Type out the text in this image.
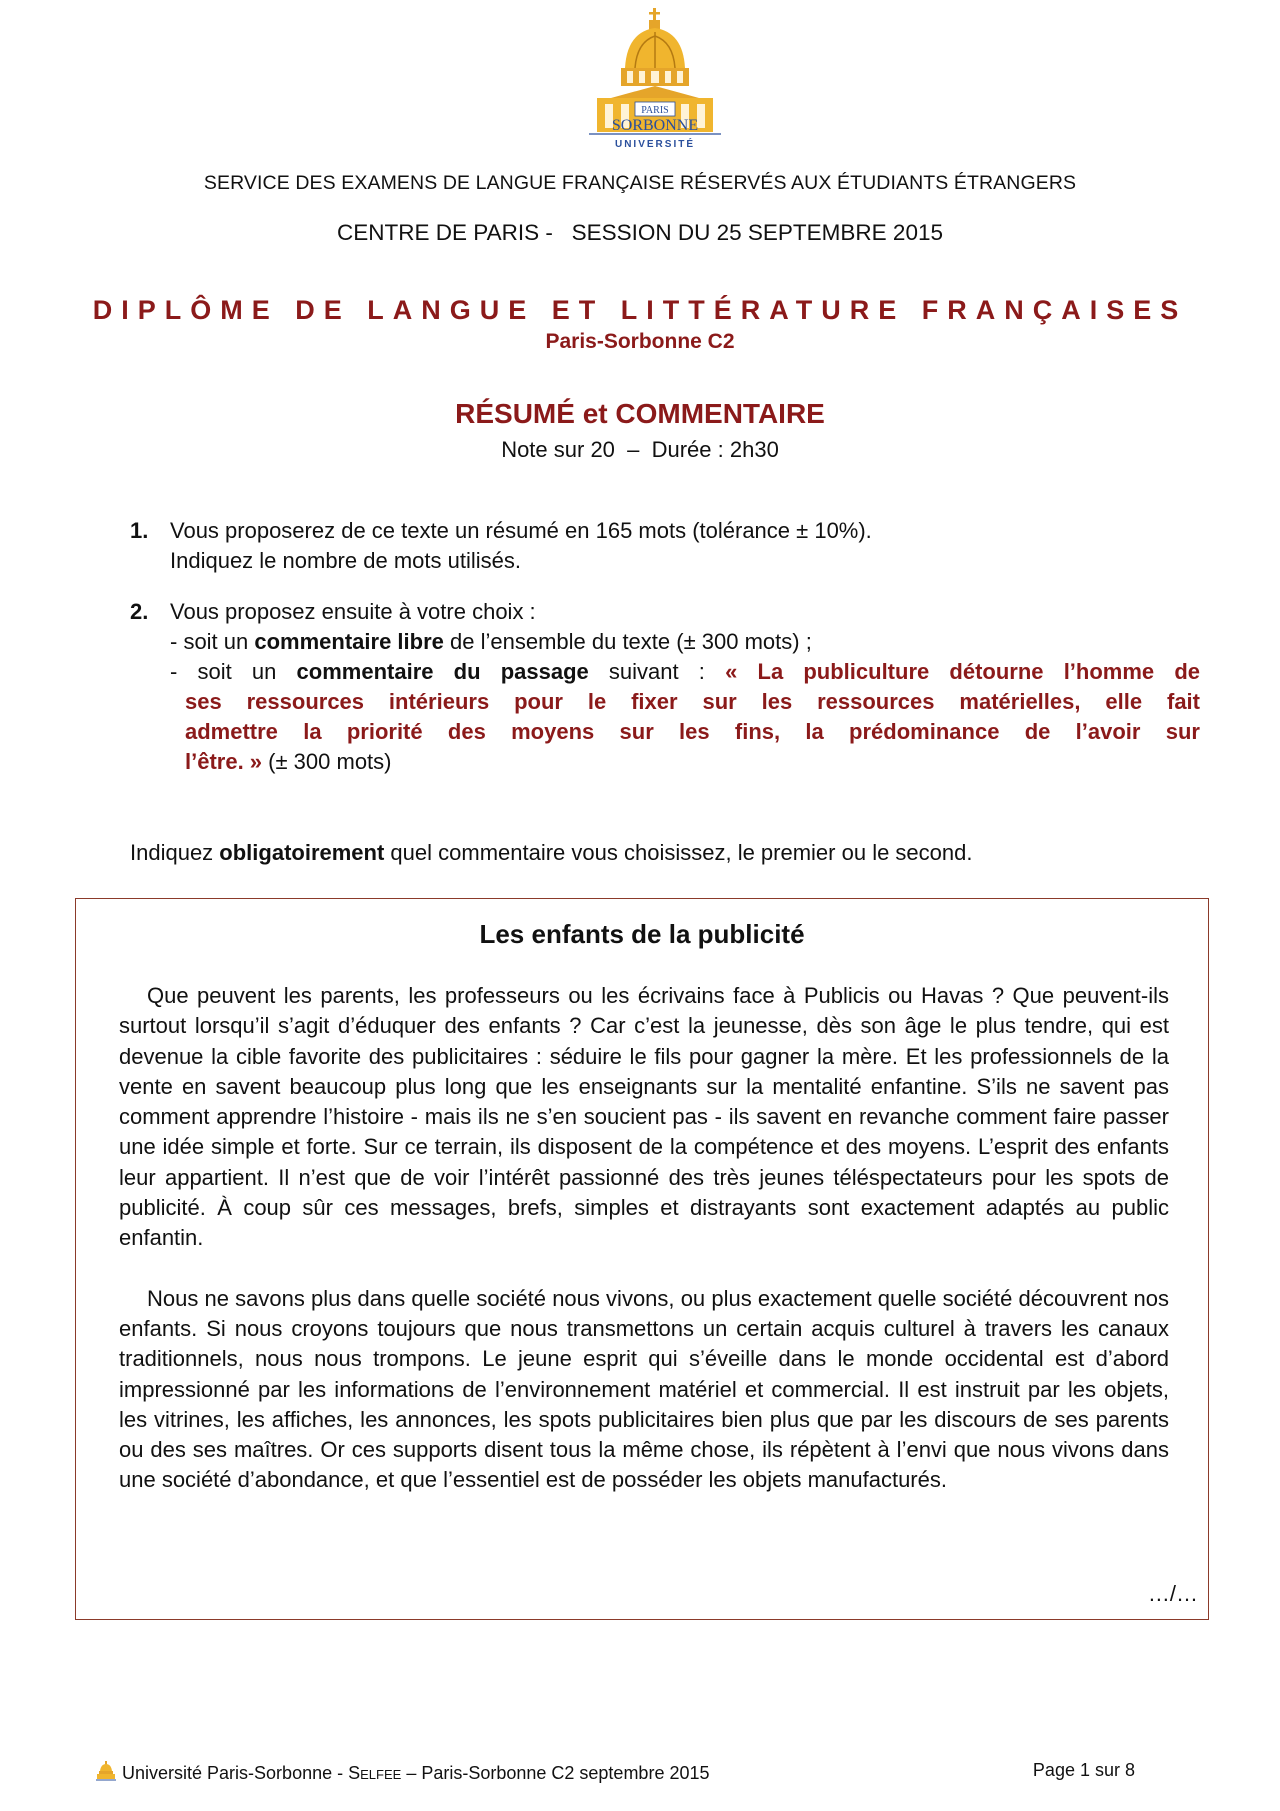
PARIS
SORBONNE
UNIVERSITÉ
SERVICE DES EXAMENS DE LANGUE FRANÇAISE RÉSERVÉS AUX ÉTUDIANTS ÉTRANGERS
CENTRE DE PARIS -   SESSION DU 25 SEPTEMBRE 2015
DIPLÔME DE LANGUE ET LITTÉRATURE FRANÇAISES
Paris-Sorbonne C2
RÉSUMÉ et COMMENTAIRE
Note sur 20  –  Durée : 2h30
1. Vous proposerez de ce texte un résumé en 165 mots (tolérance ± 10%).
Indiquez le nombre de mots utilisés.
2. Vous proposez ensuite à votre choix :
- soit un commentaire libre de l’ensemble du texte (± 300 mots) ;
- soit un commentaire du passage suivant : « La publiculture détourne l’homme de
ses ressources intérieurs pour le fixer sur les ressources matérielles, elle fait
admettre la priorité des moyens sur les fins, la prédominance de l’avoir sur
l’être. » (± 300 mots)
Indiquez obligatoirement quel commentaire vous choisissez, le premier ou le second.
Les enfants de la publicité

Que peuvent les parents, les professeurs ou les écrivains face à Publicis ou Havas ? Que peuvent-ils surtout lorsqu’il s’agit d’éduquer des enfants ? Car c’est la jeunesse, dès son âge le plus tendre, qui est devenue la cible favorite des publicitaires : séduire le fils pour gagner la mère. Et les professionnels de la vente en savent beaucoup plus long que les enseignants sur la mentalité enfantine. S’ils ne savent pas comment apprendre l’histoire - mais ils ne s’en soucient pas - ils savent en revanche comment faire passer une idée simple et forte. Sur ce terrain, ils disposent de la compétence et des moyens. L’esprit des enfants leur appartient. Il n’est que de voir l’intérêt passionné des très jeunes téléspectateurs pour les spots de publicité. À coup sûr ces messages, brefs, simples et distrayants sont exactement adaptés au public enfantin.

Nous ne savons plus dans quelle société nous vivons, ou plus exactement quelle société découvrent nos enfants. Si nous croyons toujours que nous transmettons un certain acquis culturel à travers les canaux traditionnels, nous nous trompons. Le jeune esprit qui s’éveille dans le monde occidental est d’abord impressionné par les informations de l’environnement matériel et commercial. Il est instruit par les objets, les vitrines, les affiches, les annonces, les spots publicitaires bien plus que par les discours de ses parents ou des ses maîtres. Or ces supports disent tous la même chose, ils répètent à l’envi que nous vivons dans une société d’abondance, et que l’essentiel est de posséder les objets manufacturés.

…/…
Université Paris-Sorbonne - Selfee – Paris-Sorbonne C2 septembre 2015	Page 1 sur 8
